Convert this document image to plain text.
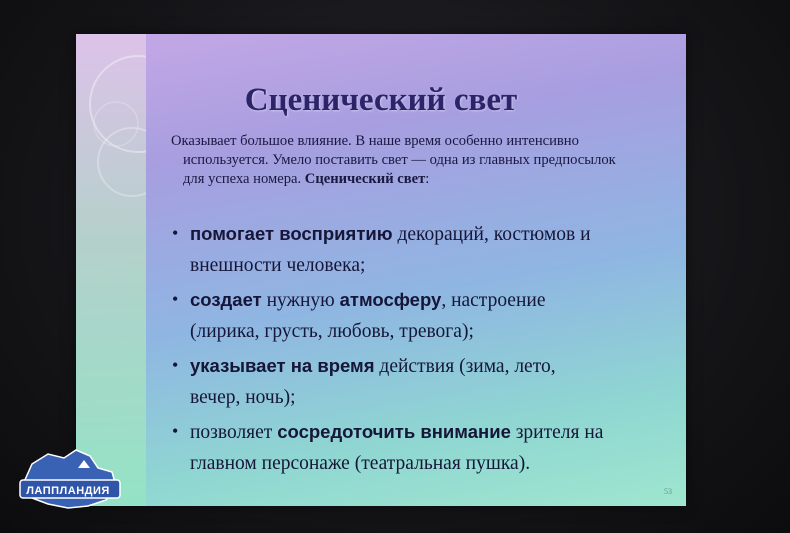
Сценический свет
Оказывает большое влияние. В наше время особенно интенсивно
используется. Умело поставить свет — одна из главных предпосылок
для успеха номера. Сценический свет:
• помогает восприятию декораций, костюмов и
внешности человека;
• создает нужную атмосферу, настроение
(лирика, грусть, любовь, тревога);
• указывает на время действия (зима, лето,
вечер, ночь);
• позволяет сосредоточить внимание зрителя на
главном персонаже (театральная пушка).
53
ЛАППЛАНДИЯ
